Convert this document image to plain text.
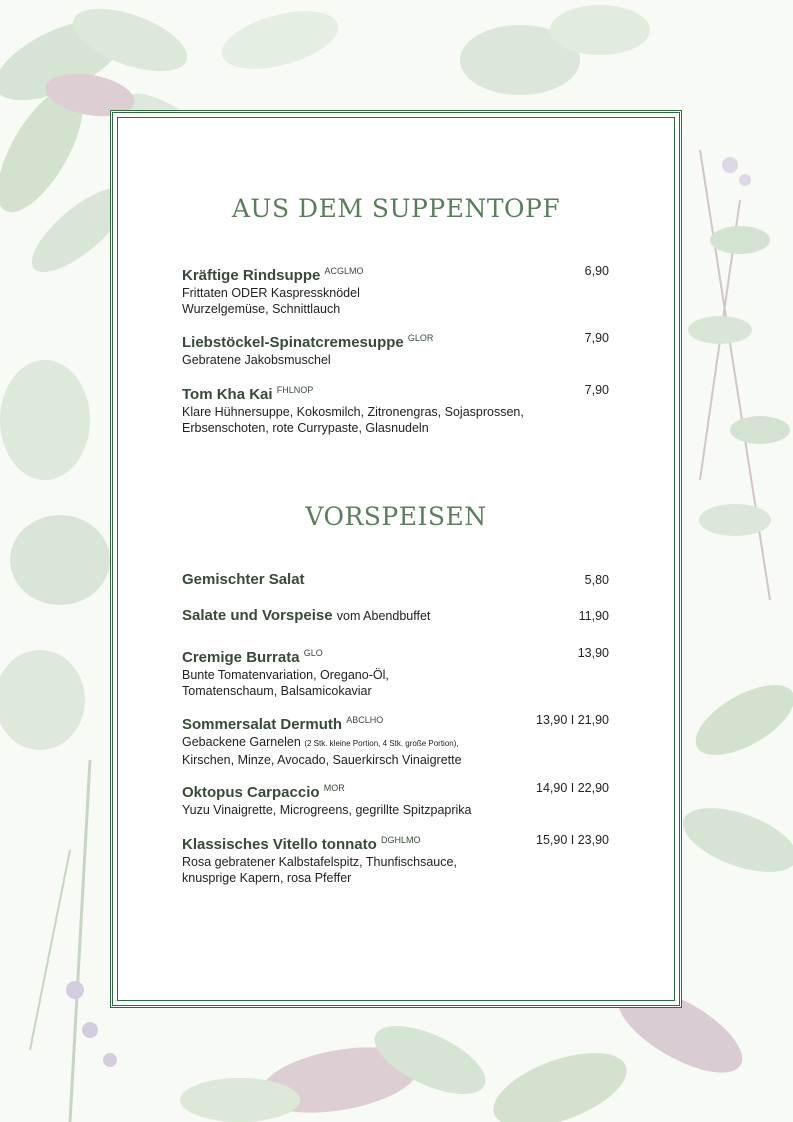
AUS DEM SUPPENTOPF
Kräftige Rindsuppe $^{ACGLMO}$
Frittaten ODER Kaspressknödel
Wurzelgemüse, Schnittlauch
6,90
Liebstöckel-Spinatcremesuppe $^{GLOR}$
Gebratene Jakobsmuschel
7,90
Tom Kha Kai $^{FHLNOP}$
Klare Hühnersuppe, Kokosmilch, Zitronengras, Sojasprossen,
Erbsenschoten, rote Currypaste, Glasnudeln
7,90
VORSPEISEN
Gemischter Salat	5,80
Salate und Vorspeise vom Abendbuffet	11,90
Cremige Burrata $^{GLO}$
Bunte Tomatenvariation, Oregano-Öl,
Tomatenschaum, Balsamicokaviar
13,90
Sommersalat Dermuth $^{ABCLHO}$
Gebackene Garnelen (2 Stk. kleine Portion, 4 Stk. große Portion),
Kirschen, Minze, Avocado, Sauerkirsch Vinaigrette
13,90 I 21,90
Oktopus Carpaccio $^{MOR}$
Yuzu Vinaigrette, Microgreens, gegrillte Spitzpaprika
14,90 I 22,90
Klassisches Vitello tonnato $^{DGHLMO}$
Rosa gebratener Kalbstafelspitz, Thunfischsauce,
knusprige Kapern, rosa Pfeffer
15,90 I 23,90
